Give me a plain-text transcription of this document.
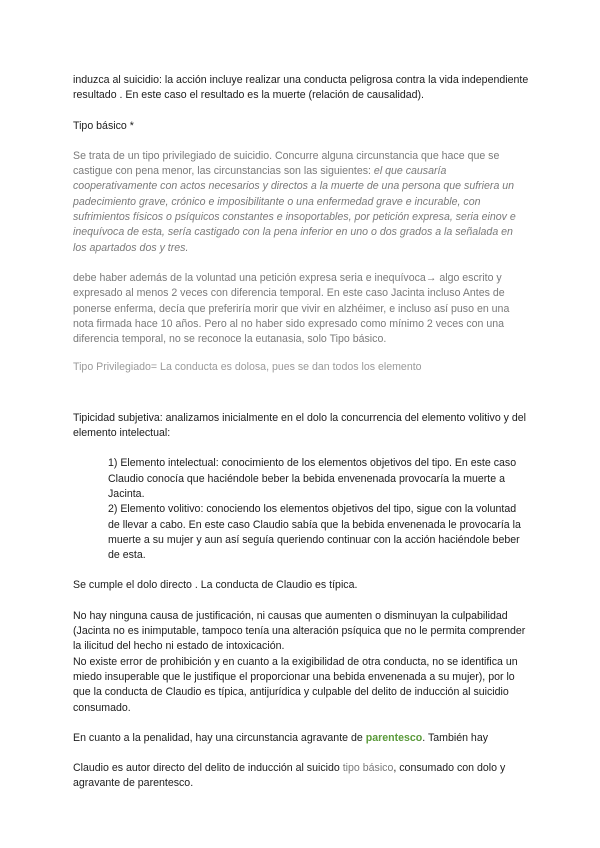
induzca al suicidio: la acción incluye realizar una conducta peligrosa contra la vida independiente resultado . En este caso el resultado es la muerte (relación de causalidad).

Tipo básico *

Se trata de un tipo privilegiado de suicidio. Concurre alguna circunstancia que hace que se castigue con pena menor, las circunstancias son las siguientes: el que causaría cooperativamente con actos necesarios y directos a la muerte de una persona que sufriera un padecimiento grave, crónico e imposibilitante o una enfermedad grave e incurable, con sufrimientos físicos o psíquicos constantes e insoportables, por petición expresa, seria einov e inequívoca de esta, sería castigado con la pena inferior en uno o dos grados a la señalada en los apartados dos y tres.

debe haber además de la voluntad una petición expresa seria e inequívoca→ algo escrito y expresado al menos 2 veces con diferencia temporal. En este caso Jacinta incluso Antes de ponerse enferma, decía que preferiría morir que vivir en alzhéimer, e incluso así puso en una nota firmada hace 10 años. Pero al no haber sido expresado como mínimo 2 veces con una diferencia temporal, no se reconoce la eutanasia, solo Tipo básico.

Tipo Privilegiado= La conducta es dolosa, pues se dan todos los elemento

Tipicidad subjetiva: analizamos inicialmente en el dolo la concurrencia del elemento volitivo y del elemento intelectual:

1) Elemento intelectual: conocimiento de los elementos objetivos del tipo. En este caso Claudio conocía que haciéndole beber la bebida envenenada provocaría la muerte a Jacinta.

2) Elemento volitivo: conociendo los elementos objetivos del tipo, sigue con la voluntad de llevar a cabo. En este caso Claudio sabía que la bebida envenenada le provocaría la muerte a su mujer y aun así seguía queriendo continuar con la acción haciéndole beber de esta.

Se cumple el dolo directo . La conducta de Claudio es típica.

No hay ninguna causa de justificación, ni causas que aumenten o disminuyan la culpabilidad (Jacinta no es inimputable, tampoco tenía una alteración psíquica que no le permita comprender la ilicitud del hecho ni estado de intoxicación.

No existe error de prohibición y en cuanto a la exigibilidad de otra conducta, no se identifica un miedo insuperable que le justifique el proporcionar una bebida envenenada a su mujer), por lo que la conducta de Claudio es típica, antijurídica y culpable del delito de inducción al suicidio consumado.

En cuanto a la penalidad, hay una circunstancia agravante de parentesco. También hay

Claudio es autor directo del delito de inducción al suicido tipo básico, consumado con dolo y agravante de parentesco.
